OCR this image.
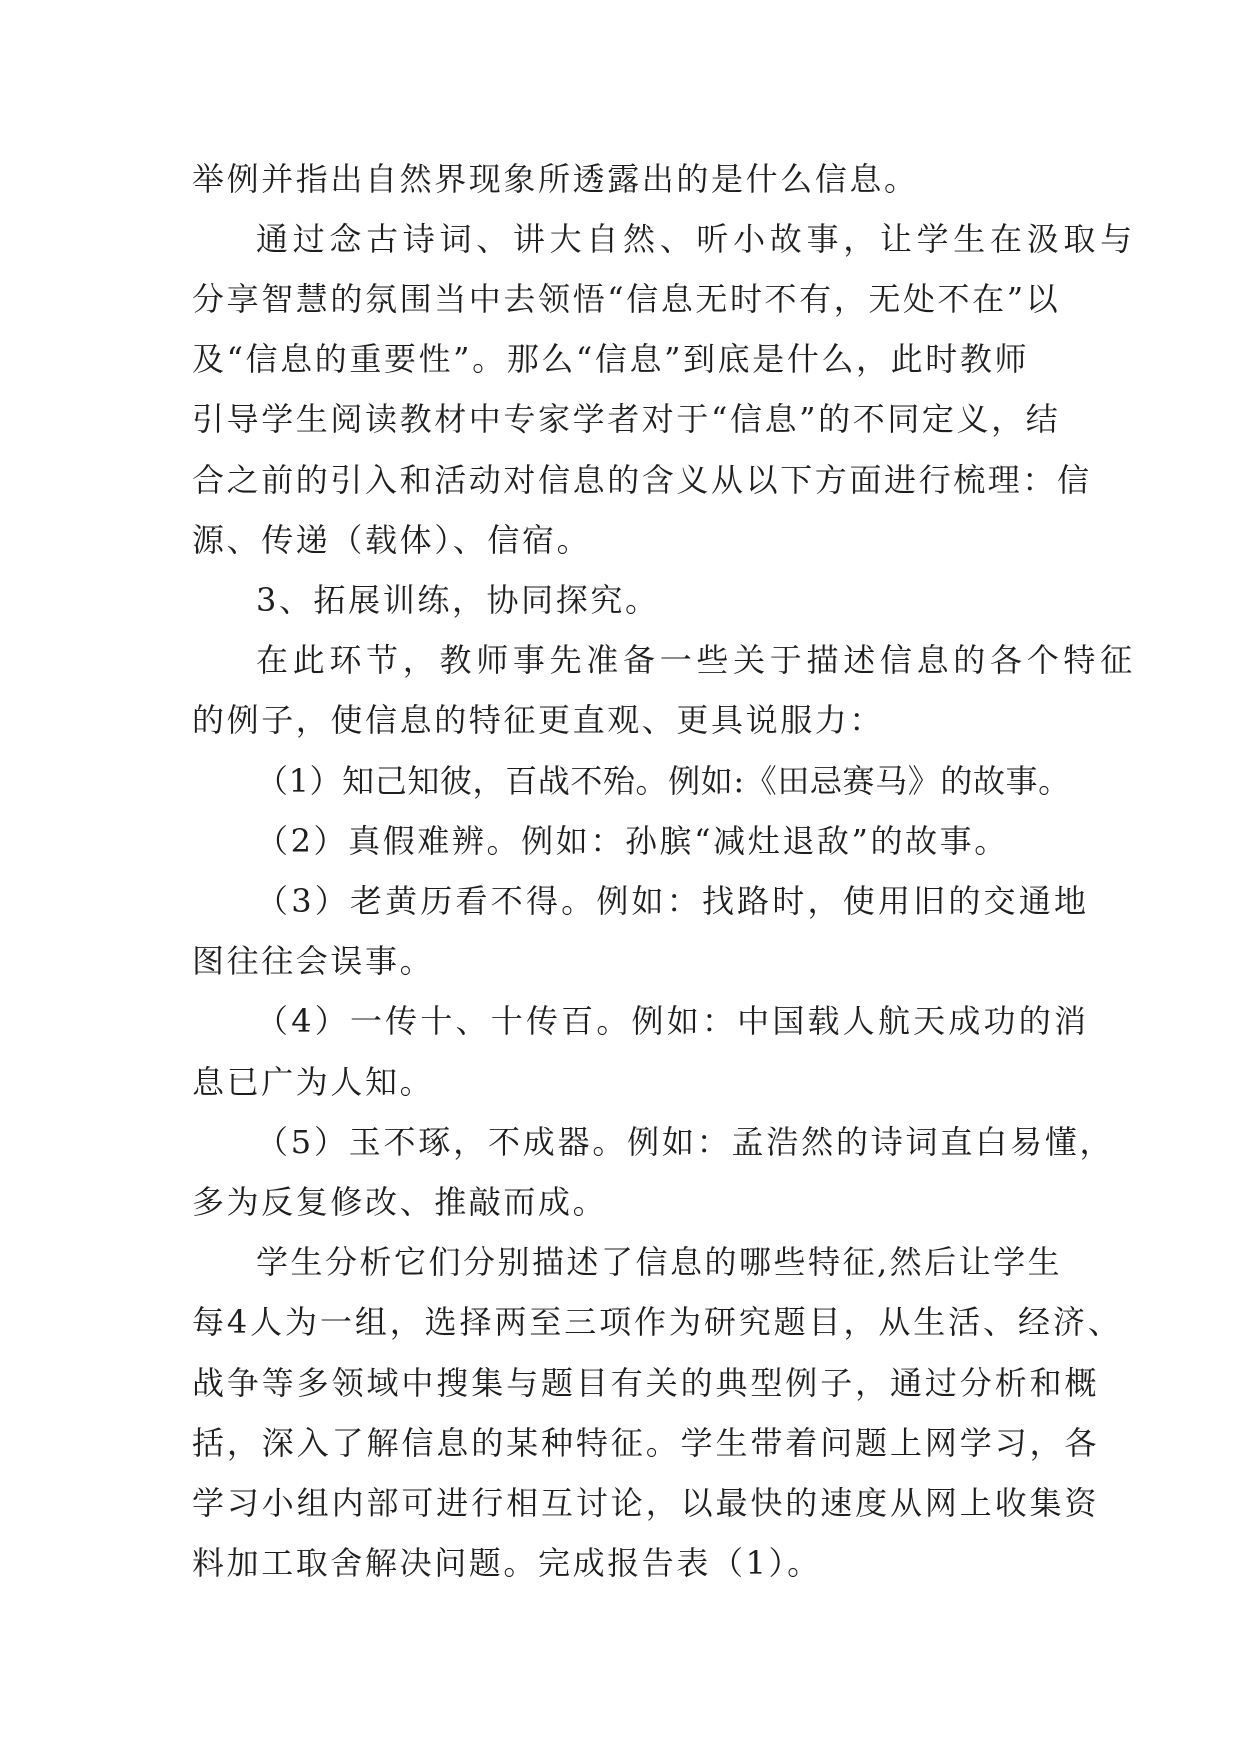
举例并指出自然界现象所透露出的是什么信息。
通过念古诗词、讲大自然、听小故事，让学生在汲取与
分享智慧的氛围当中去领悟“信息无时不有，无处不在”以
及“信息的重要性”。那么“信息”到底是什么，此时教师
引导学生阅读教材中专家学者对于“信息”的不同定义，结
合之前的引入和活动对信息的含义从以下方面进行梳理：信
源、传递（载体）、信宿。
3、拓展训练，协同探究。
在此环节，教师事先准备一些关于描述信息的各个特征
的例子，使信息的特征更直观、更具说服力：
（1）知己知彼，百战不殆。例如:《田忌赛马》的故事。
（2）真假难辨。例如：孙膑“减灶退敌”的故事。
（3）老黄历看不得。例如：找路时，使用旧的交通地
图往往会误事。
（4）一传十、十传百。例如：中国载人航天成功的消
息已广为人知。
（5）玉不琢，不成器。例如：孟浩然的诗词直白易懂，
多为反复修改、推敲而成。
学生分析它们分别描述了信息的哪些特征,然后让学生
每4人为一组，选择两至三项作为研究题目，从生活、经济、
战争等多领域中搜集与题目有关的典型例子，通过分析和概
括，深入了解信息的某种特征。学生带着问题上网学习，各
学习小组内部可进行相互讨论，以最快的速度从网上收集资
料加工取舍解决问题。完成报告表（1）。
